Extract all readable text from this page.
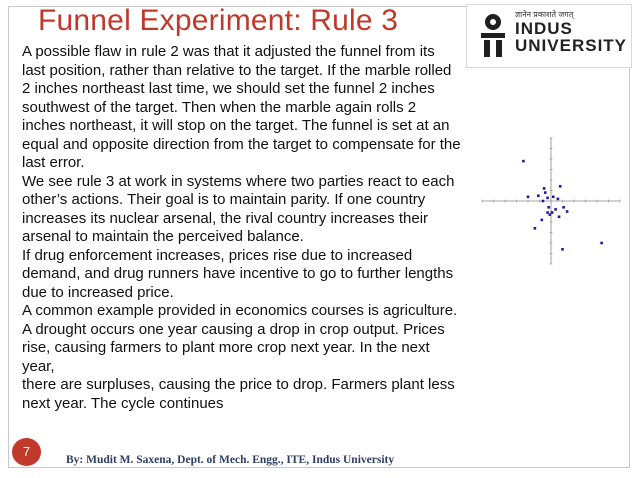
Funnel Experiment: Rule 3	ज्ञानेन प्रकाशते जगत्
INDUS
UNIVERSITY

A possible flaw in rule 2 was that it adjusted the funnel from its last position, rather than relative to the target. If the marble rolled 2 inches northeast last time, we should set the funnel 2 inches southwest of the target. Then when the marble again rolls 2 inches northeast, it will stop on the target. The funnel is set at an equal and opposite direction from the target to compensate for the last error.

We see rule 3 at work in systems where two parties react to each other’s actions. Their goal is to maintain parity. If one country increases its nuclear arsenal, the rival country increases their arsenal to maintain the perceived balance.

If drug enforcement increases, prices rise due to increased demand, and drug runners have incentive to go to further lengths due to increased price.

A common example provided in economics courses is agriculture.

A drought occurs one year causing a drop in crop output. Prices rise, causing farmers to plant more crop next year. In the next year,

there are surpluses, causing the price to drop. Farmers plant less next year. The cycle continues

7
By: Mudit M. Saxena, Dept. of Mech. Engg., ITE, Indus University
